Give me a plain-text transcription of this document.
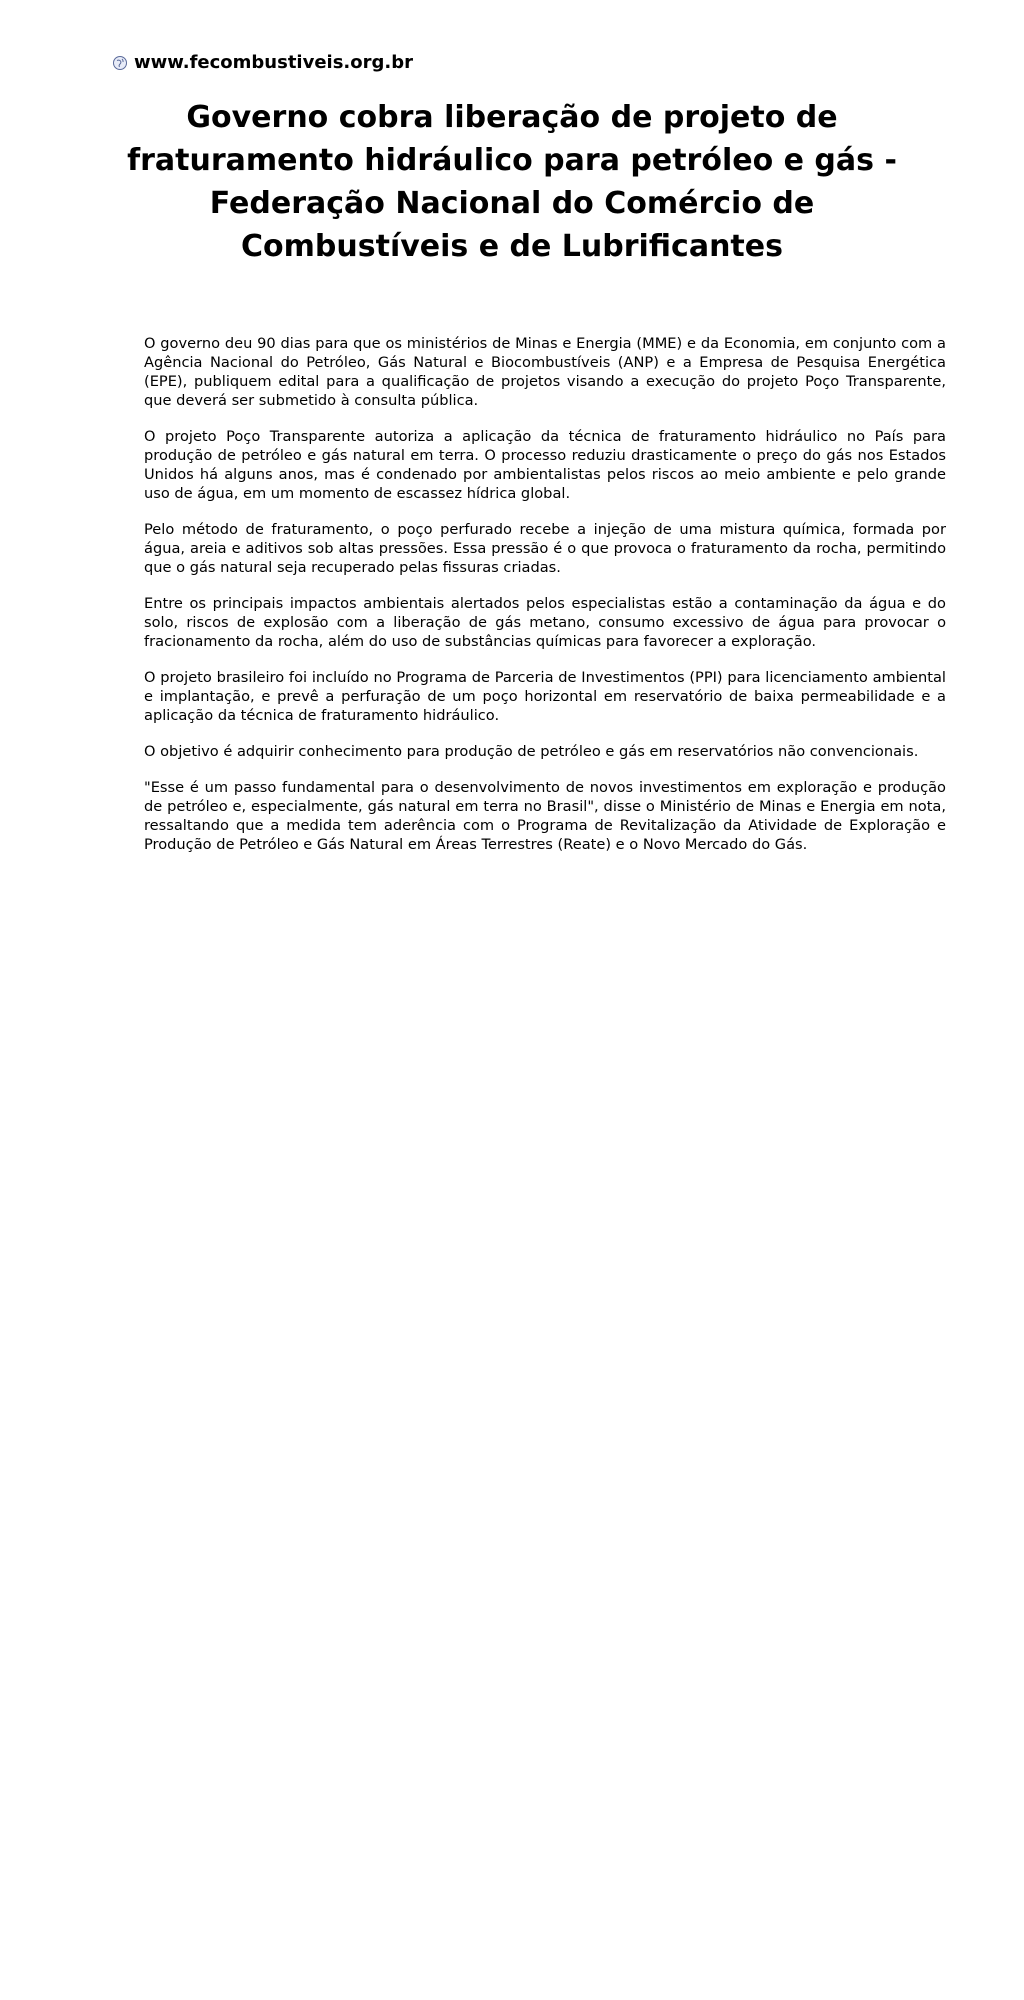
www.fecombustiveis.org.br
Governo cobra liberação de projeto de fraturamento hidráulico para petróleo e gás - Federação Nacional do Comércio de Combustíveis e de Lubrificantes

O governo deu 90 dias para que os ministérios de Minas e Energia (MME) e da Economia, em conjunto com a Agência Nacional do Petróleo, Gás Natural e Biocombustíveis (ANP) e a Empresa de Pesquisa Energética (EPE), publiquem edital para a qualificação de projetos visando a execução do projeto Poço Transparente, que deverá ser submetido à consulta pública.

O projeto Poço Transparente autoriza a aplicação da técnica de fraturamento hidráulico no País para produção de petróleo e gás natural em terra. O processo reduziu drasticamente o preço do gás nos Estados Unidos há alguns anos, mas é condenado por ambientalistas pelos riscos ao meio ambiente e pelo grande uso de água, em um momento de escassez hídrica global.

Pelo método de fraturamento, o poço perfurado recebe a injeção de uma mistura química, formada por água, areia e aditivos sob altas pressões. Essa pressão é o que provoca o fraturamento da rocha, permitindo que o gás natural seja recuperado pelas fissuras criadas.

Entre os principais impactos ambientais alertados pelos especialistas estão a contaminação da água e do solo, riscos de explosão com a liberação de gás metano, consumo excessivo de água para provocar o fracionamento da rocha, além do uso de substâncias químicas para favorecer a exploração.

O projeto brasileiro foi incluído no Programa de Parceria de Investimentos (PPI) para licenciamento ambiental e implantação, e prevê a perfuração de um poço horizontal em reservatório de baixa permeabilidade e a aplicação da técnica de fraturamento hidráulico.

O objetivo é adquirir conhecimento para produção de petróleo e gás em reservatórios não convencionais.

"Esse é um passo fundamental para o desenvolvimento de novos investimentos em exploração e produção de petróleo e, especialmente, gás natural em terra no Brasil", disse o Ministério de Minas e Energia em nota, ressaltando que a medida tem aderência com o Programa de Revitalização da Atividade de Exploração e Produção de Petróleo e Gás Natural em Áreas Terrestres (Reate) e o Novo Mercado do Gás.
